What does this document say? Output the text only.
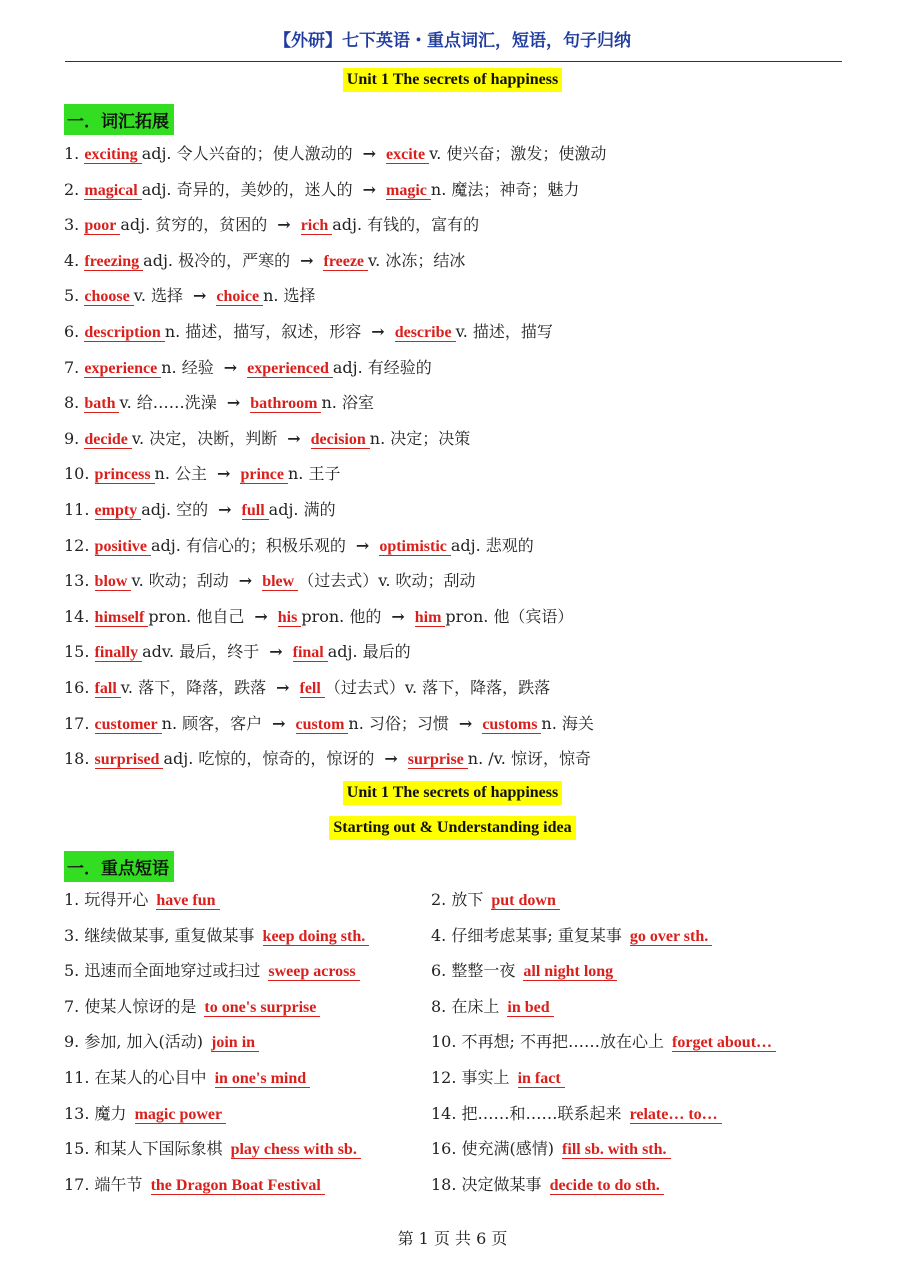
【外研】七下英语・重点词汇，短语，句子归纳
Unit 1 The secrets of happiness
一．词汇拓展
1. exciting adj. 令人兴奋的；使人激动的 → excite v. 使兴奋；激发；使激动
2. magical adj. 奇异的，美妙的，迷人的 → magic n. 魔法；神奇；魅力
3. poor adj. 贫穷的，贫困的 → rich adj. 有钱的，富有的
4. freezing adj. 极冷的，严寒的 → freeze v. 冰冻；结冰
5. choose v. 选择 → choice n. 选择
6. description n. 描述，描写，叙述，形容 → describe v. 描述，描写
7. experience n. 经验 → experienced adj. 有经验的
8. bath v. 给……洗澡 → bathroom n. 浴室
9. decide v. 决定，决断，判断 → decision n. 决定；决策
10. princess n. 公主 → prince n. 王子
11. empty adj. 空的 → full adj. 满的
12. positive adj. 有信心的；积极乐观的 → optimistic adj. 悲观的
13. blow v. 吹动；刮动 → blew （过去式）v. 吹动；刮动
14. himself pron. 他自己 → his pron. 他的 → him pron. 他（宾语）
15. finally adv. 最后，终于 → final adj. 最后的
16. fall v. 落下，降落，跌落 → fell （过去式）v. 落下，降落，跌落
17. customer n. 顾客，客户 → custom n. 习俗；习惯 → customs n. 海关
18. surprised adj. 吃惊的，惊奇的，惊讶的 → surprise n. /v. 惊讶，惊奇
Unit 1 The secrets of happiness
Starting out & Understanding idea
一．重点短语
1. 玩得开心 have fun	2. 放下 put down
3. 继续做某事, 重复做某事 keep doing sth.	4. 仔细考虑某事; 重复某事 go over sth.
5. 迅速而全面地穿过或扫过 sweep across	6. 整整一夜 all night long
7. 使某人惊讶的是 to one's surprise	8. 在床上 in bed
9. 参加, 加入(活动) join in	10. 不再想; 不再把……放在心上 forget about…
11. 在某人的心目中 in one's mind	12. 事实上 in fact
13. 魔力 magic power	14. 把……和……联系起来 relate… to…
15. 和某人下国际象棋 play chess with sb.	16. 使充满(感情) fill sb. with sth.
17. 端午节 the Dragon Boat Festival	18. 决定做某事 decide to do sth.
第 1 页 共 6 页
